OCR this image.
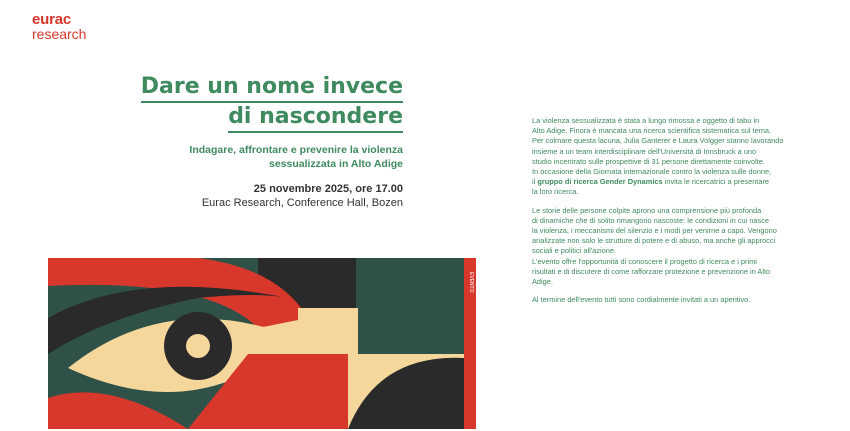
eurac
research
Dare un nome invece
di nascondere
Indagare, affrontare e prevenire la violenza
sessualizzata in Alto Adige
25 novembre 2025, ore 17.00
Eurac Research, Conference Hall, Bozen

La violenza sessualizzata è stata a lungo rimossa e oggetto di tabu in
Alto Adige. Finora è mancata una ricerca scientifica sistematica sul tema.
Per colmare questa lacuna, Julia Ganterer e Laura Volgger stanno lavorando
insieme a un team interdisciplinare dell'Università di Innsbruck a uno
studio incentrato sulle prospettive di 31 persone direttamente coinvolte.
In occasione della Giornata internazionale contro la violenza sulle donne,
il gruppo di ricerca Gender Dynamics invita le ricercatrici a presentare
la loro ricerca.

Le storie delle persone colpite aprono una comprensione più profonda
di dinamiche che di solito rimangono nascoste: le condizioni in cui nasce
la violenza, i meccanismi del silenzio e i modi per venirne a capo. Vengono
analizzate non solo le strutture di potere e di abuso, ma anche gli approcci
sociali e politici all'azione.
L'evento offre l'opportunità di conoscere il progetto di ricerca e i primi
risultati e di discutere di come rafforzare protezione e prevenzione in Alto
Adige.

Al termine dell'evento tutti sono cordialmente invitati a un aperitivo.

EVENTO
